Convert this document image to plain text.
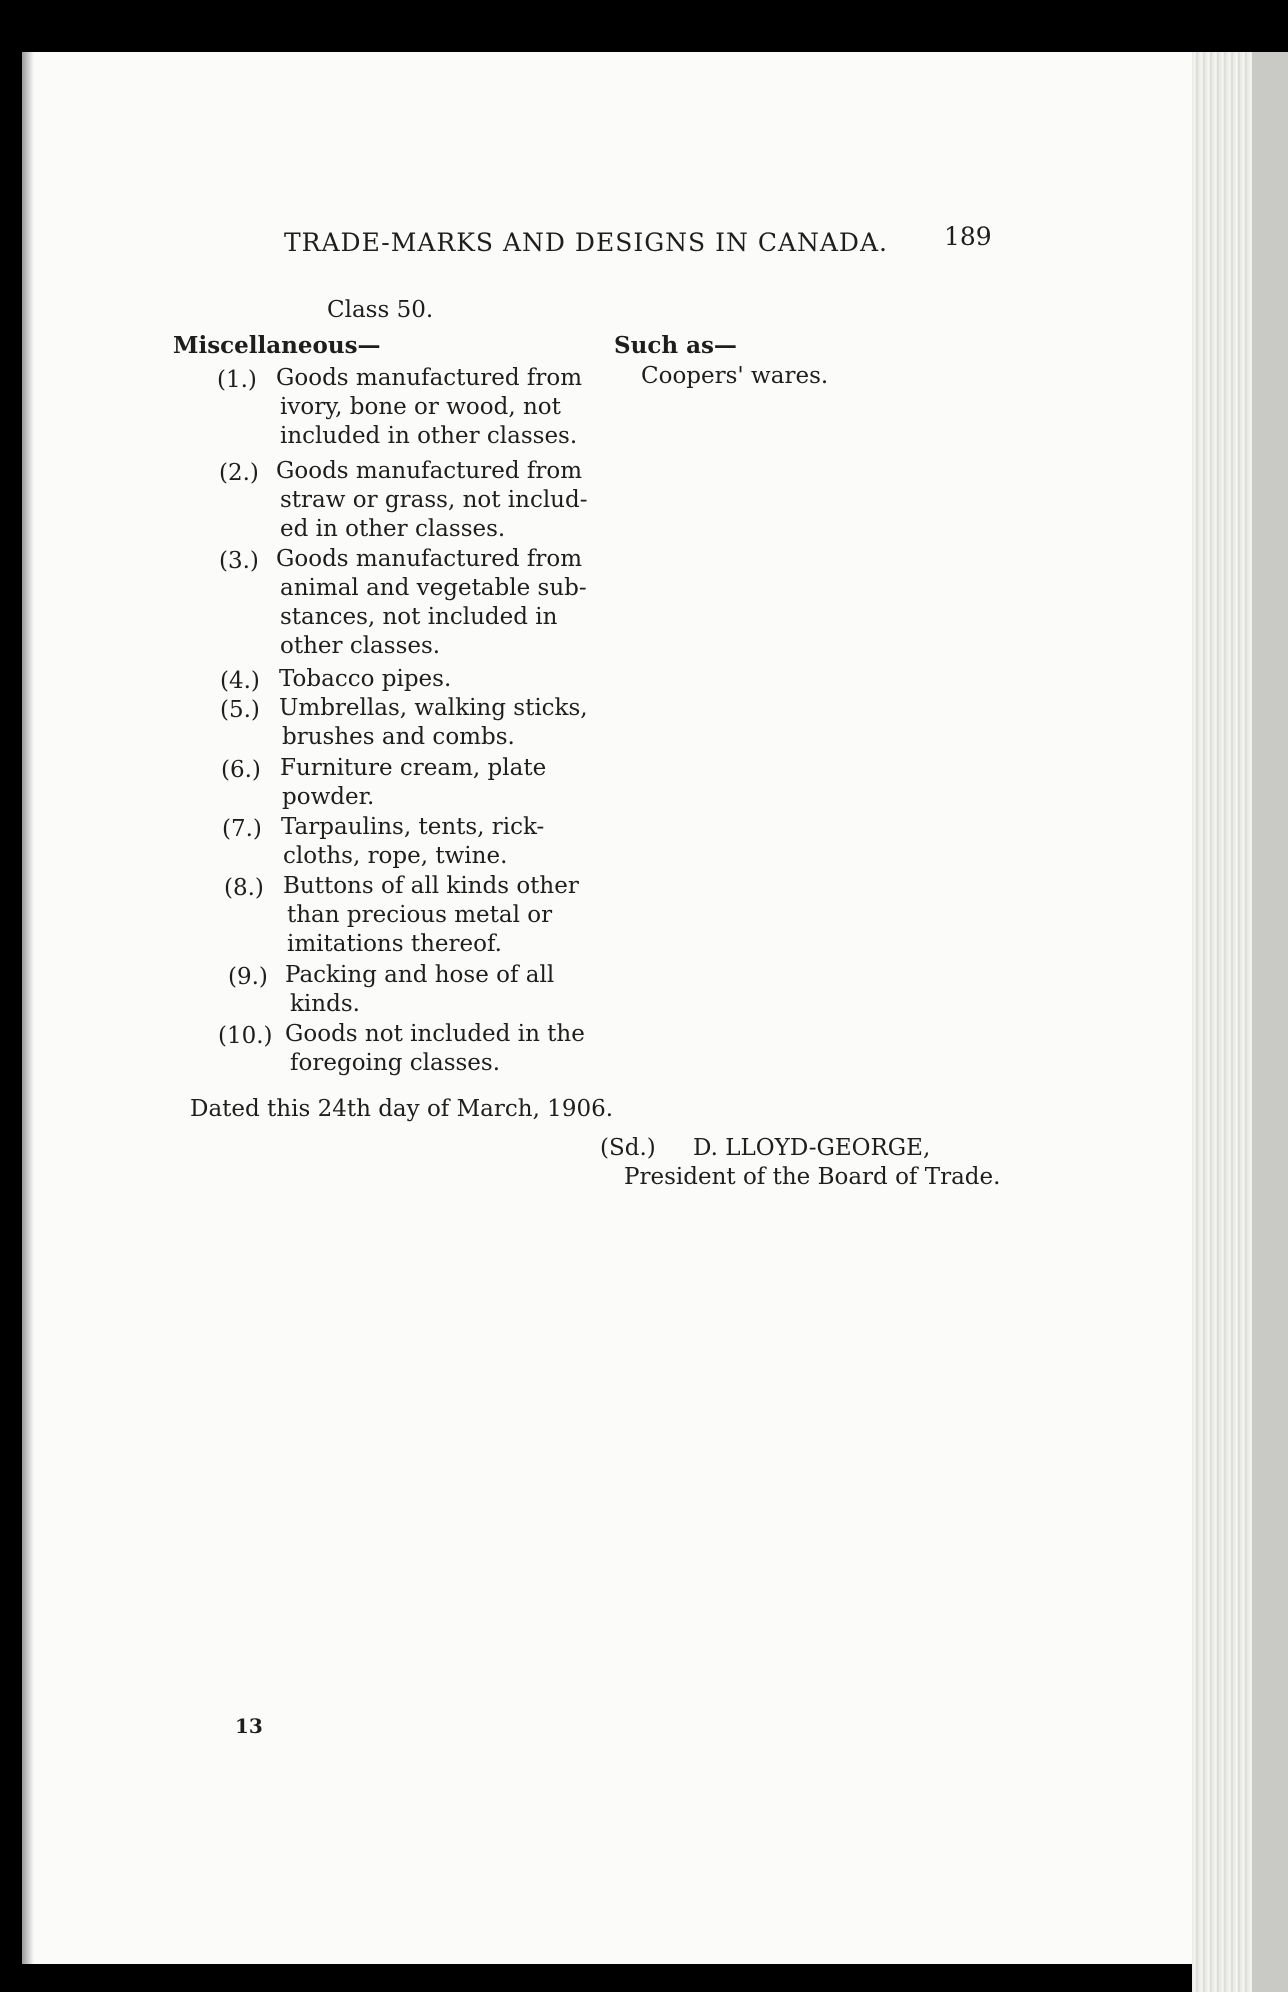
TRADE-MARKS AND DESIGNS IN CANADA. 189
Class 50.
Miscellaneous—	Such as—
Coopers' wares.
(1.) Goods manufactured from
ivory, bone or wood, not
included in other classes.
(2.) Goods manufactured from
straw or grass, not includ-
ed in other classes.
(3.) Goods manufactured from
animal and vegetable sub-
stances, not included in
other classes.
(4.) Tobacco pipes.
(5.) Umbrellas, walking sticks,
brushes and combs.
(6.) Furniture cream, plate
powder.
(7.) Tarpaulins, tents, rick-
cloths, rope, twine.
(8.) Buttons of all kinds other
than precious metal or
imitations thereof.
(9.) Packing and hose of all
kinds.
(10.) Goods not included in the
foregoing classes.
Dated this 24th day of March, 1906.
(Sd.) D. LLOYD-GEORGE,
President of the Board of Trade.
13
